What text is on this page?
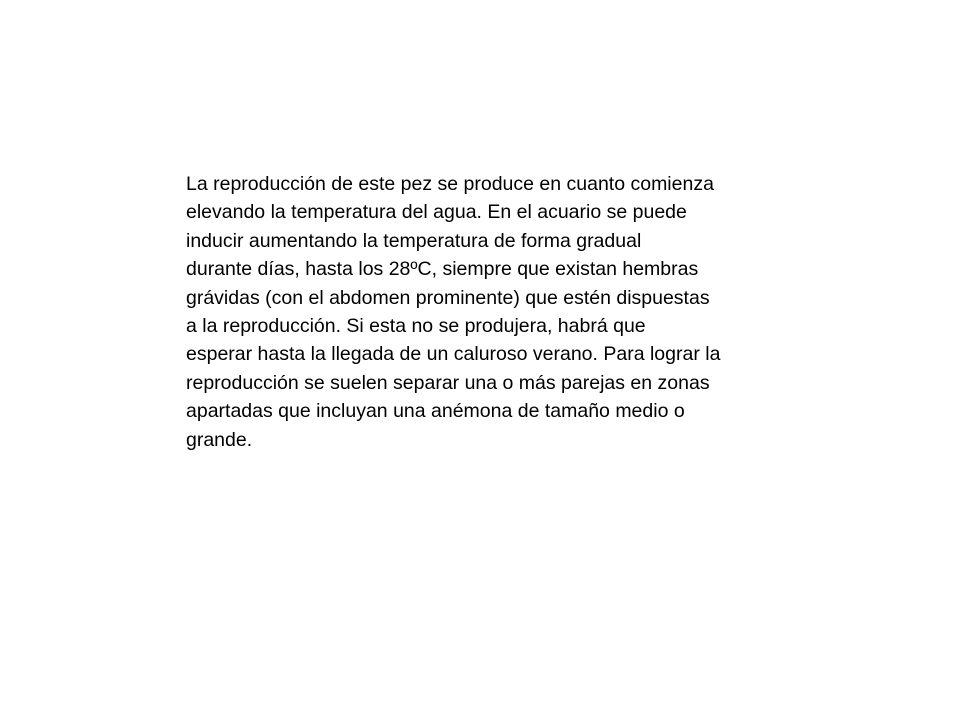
La reproducción de este pez se produce en cuanto comienza
elevando la temperatura del agua. En el acuario se puede
inducir aumentando la temperatura de forma gradual
durante días, hasta los 28ºC, siempre que existan hembras
grávidas (con el abdomen prominente) que estén dispuestas
a la reproducción. Si esta no se produjera, habrá que
esperar hasta la llegada de un caluroso verano. Para lograr la
reproducción se suelen separar una o más parejas en zonas
apartadas que incluyan una anémona de tamaño medio o
grande.
